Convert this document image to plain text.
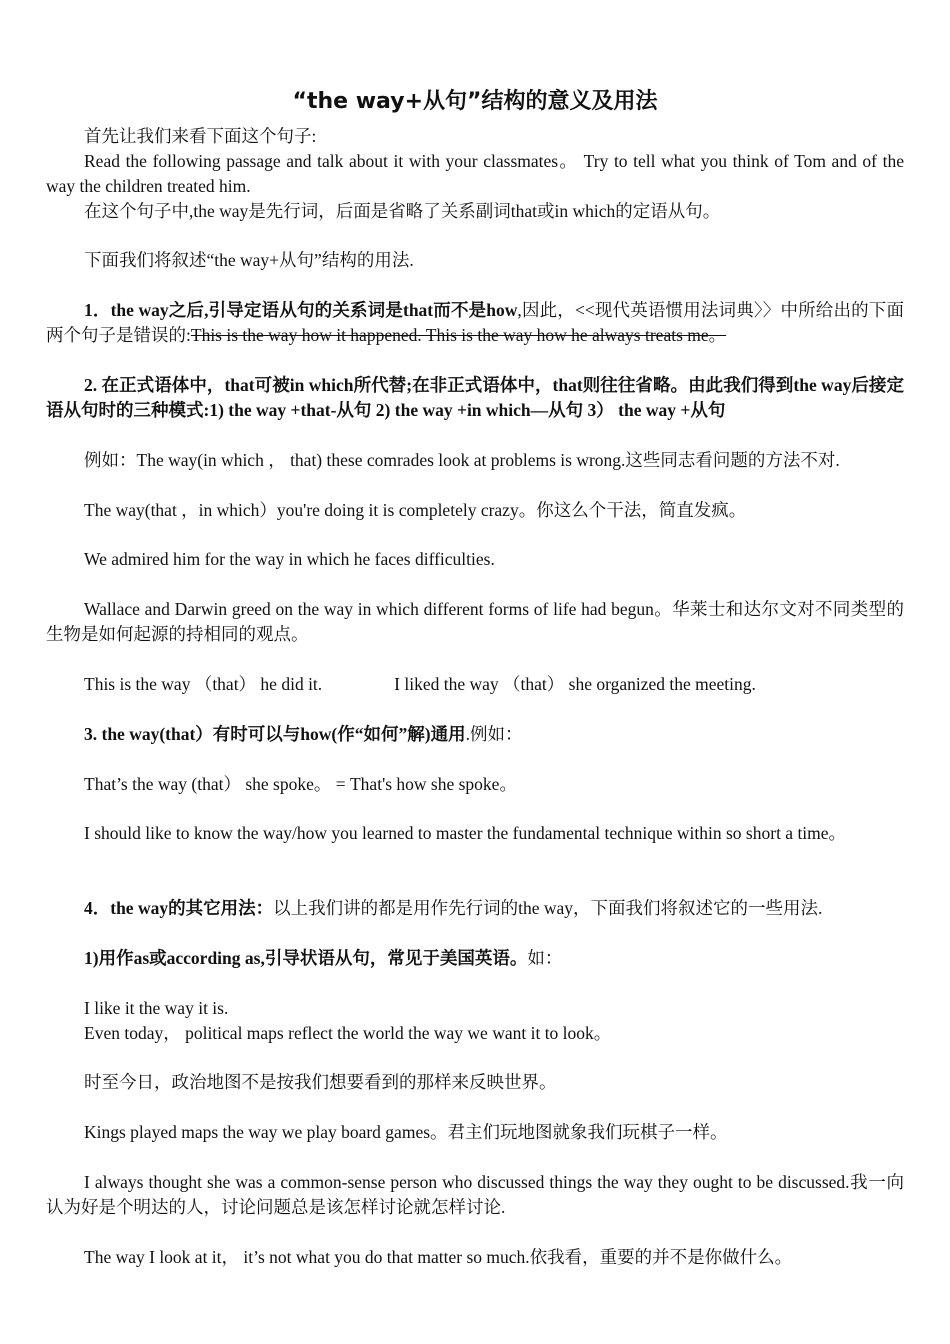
“the way+从句”结构的意义及用法
首先让我们来看下面这个句子:
Read the following passage and talk about it with your classmates。 Try to tell what you think of Tom and of the way the children treated him.
在这个句子中,the way是先行词，后面是省略了关系副词that或in which的定语从句。
下面我们将叙述“the way+从句”结构的用法.
1．the way之后,引导定语从句的关系词是that而不是how,因此，<<现代英语惯用法词典〉〉中所给出的下面两个句子是错误的:This is the way how it happened. This is the way how he always treats me。
2. 在正式语体中，that可被in which所代替;在非正式语体中，that则往往省略。由此我们得到the way后接定语从句时的三种模式:1) the way +that-从句 2) the way +in which—从句 3） the way +从句
例如：The way(in which ， that) these comrades look at problems is wrong.这些同志看问题的方法不对.
The way(that ，in which）you're doing it is completely crazy。你这么个干法，简直发疯。
We admired him for the way in which he faces difficulties.
Wallace and Darwin greed on the way in which different forms of life had begun。华莱士和达尔文对不同类型的生物是如何起源的持相同的观点。
This is the way （that） he did it.	I liked the way （that） she organized the meeting.
3. the way(that）有时可以与how(作“如何”解)通用.例如：
That’s the way (that） she spoke。 = That's how she spoke。
I should like to know the way/how you learned to master the fundamental technique within so short a time。
4．the way的其它用法：以上我们讲的都是用作先行词的the way，下面我们将叙述它的一些用法.
1)用作as或according as,引导状语从句，常见于美国英语。如：
I like it the way it is.
Even today， political maps reflect the world the way we want it to look。
时至今日，政治地图不是按我们想要看到的那样来反映世界。
Kings played maps the way we play board games。君主们玩地图就象我们玩棋子一样。
I always thought she was a common-sense person who discussed things the way they ought to be discussed.我一向认为好是个明达的人，讨论问题总是该怎样讨论就怎样讨论.
The way I look at it， it’s not what you do that matter so much.依我看，重要的并不是你做什么。
